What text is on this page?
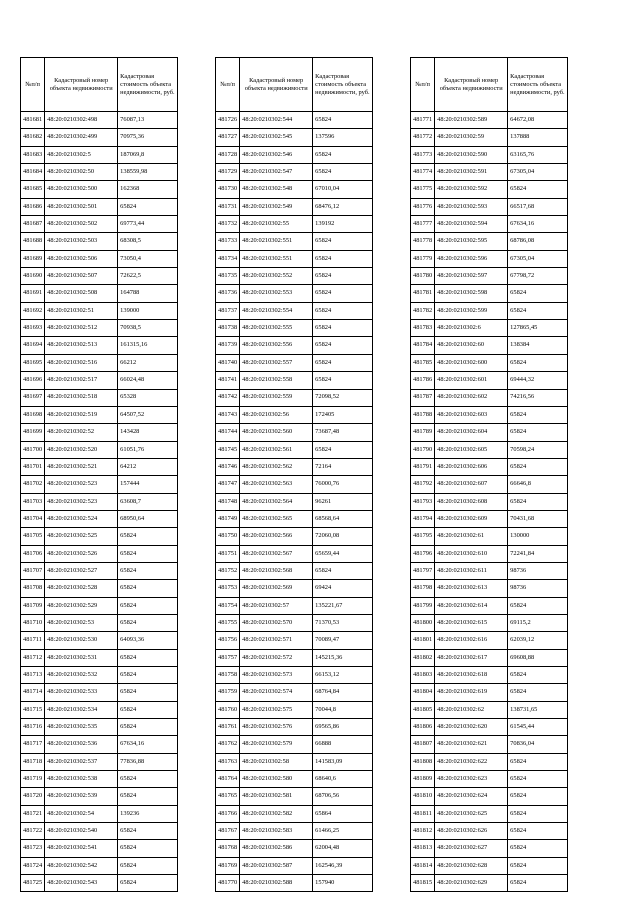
№п/п	Кадастровый номер объекта недвижимости	Кадастровая стоимость объекта недвижимости, руб.
481681	48:20:0210302:498	76087,13
481682	48:20:0210302:499	70975,36
481683	48:20:0210302:5	187069,8
481684	48:20:0210302:50	138559,98
481685	48:20:0210302:500	162368
481686	48:20:0210302:501	65824
481687	48:20:0210302:502	69773,44
481688	48:20:0210302:503	68308,5
481689	48:20:0210302:506	73050,4
481690	48:20:0210302:507	72622,5
481691	48:20:0210302:508	164788
481692	48:20:0210302:51	139000
481693	48:20:0210302:512	70938,5
481694	48:20:0210302:513	161315,16
481695	48:20:0210302:516	66212
481696	48:20:0210302:517	66024,48
481697	48:20:0210302:518	65328
481698	48:20:0210302:519	64507,52
481699	48:20:0210302:52	143428
481700	48:20:0210302:520	61051,76
481701	48:20:0210302:521	64212
481702	48:20:0210302:523	157444
481703	48:20:0210302:523	63608,7
481704	48:20:0210302:524	68950,64
481705	48:20:0210302:525	65824
481706	48:20:0210302:526	65824
481707	48:20:0210302:527	65824
481708	48:20:0210302:528	65824
481709	48:20:0210302:529	65824
481710	48:20:0210302:53	65824
481711	48:20:0210302:530	64093,36
481712	48:20:0210302:531	65824
481713	48:20:0210302:532	65824
481714	48:20:0210302:533	65824
481715	48:20:0210302:534	65824
481716	48:20:0210302:535	65824
481717	48:20:0210302:536	67634,16
481718	48:20:0210302:537	77836,88
481719	48:20:0210302:538	65824
481720	48:20:0210302:539	65824
481721	48:20:0210302:54	139236
481722	48:20:0210302:540	65824
481723	48:20:0210302:541	65824
481724	48:20:0210302:542	65824
481725	48:20:0210302:543	65824
№п/п	Кадастровый номер объекта недвижимости	Кадастровая стоимость объекта недвижимости, руб.
481726	48:20:0210302:544	65824
481727	48:20:0210302:545	137596
481728	48:20:0210302:546	65824
481729	48:20:0210302:547	65824
481730	48:20:0210302:548	67010,04
481731	48:20:0210302:549	68476,12
481732	48:20:0210302:55	139192
481733	48:20:0210302:551	65824
481734	48:20:0210302:551	65824
481735	48:20:0210302:552	65824
481736	48:20:0210302:553	65824
481737	48:20:0210302:554	65824
481738	48:20:0210302:555	65824
481739	48:20:0210302:556	65824
481740	48:20:0210302:557	65824
481741	48:20:0210302:558	65824
481742	48:20:0210302:559	72098,52
481743	48:20:0210302:56	172405
481744	48:20:0210302:560	73687,48
481745	48:20:0210302:561	65824
481746	48:20:0210302:562	72164
481747	48:20:0210302:563	76000,76
481748	48:20:0210302:564	96261
481749	48:20:0210302:565	68568,64
481750	48:20:0210302:566	72060,08
481751	48:20:0210302:567	65659,44
481752	48:20:0210302:568	65824
481753	48:20:0210302:569	69424
481754	48:20:0210302:57	135221,67
481755	48:20:0210302:570	71370,53
481756	48:20:0210302:571	70089,47
481757	48:20:0210302:572	145215,36
481758	48:20:0210302:573	66153,12
481759	48:20:0210302:574	68764,84
481760	48:20:0210302:575	70044,8
481761	48:20:0210302:576	69565,86
481762	48:20:0210302:579	66888
481763	48:20:0210302:58	141583,09
481764	48:20:0210302:580	68640,6
481765	48:20:0210302:581	68706,56
481766	48:20:0210302:582	65864
481767	48:20:0210302:583	61466,25
481768	48:20:0210302:586	62004,48
481769	48:20:0210302:587	162546,39
481770	48:20:0210302:588	157940
№п/п	Кадастровый номер объекта недвижимости	Кадастровая стоимость объекта недвижимости, руб.
481771	48:20:0210302:589	64672,08
481772	48:20:0210302:59	137888
481773	48:20:0210302:590	63165,76
481774	48:20:0210302:591	67305,04
481775	48:20:0210302:592	65824
481776	48:20:0210302:593	66517,68
481777	48:20:0210302:594	67634,16
481778	48:20:0210302:595	68786,08
481779	48:20:0210302:596	67305,04
481780	48:20:0210302:597	67798,72
481781	48:20:0210302:598	65824
481782	48:20:0210302:599	65824
481783	48:20:0210302:6	127865,45
481784	48:20:0210302:60	138384
481785	48:20:0210302:600	65824
481786	48:20:0210302:601	69444,32
481787	48:20:0210302:602	74216,56
481788	48:20:0210302:603	65824
481789	48:20:0210302:604	65824
481790	48:20:0210302:605	70598,24
481791	48:20:0210302:606	65824
481792	48:20:0210302:607	66646,8
481793	48:20:0210302:608	65824
481794	48:20:0210302:609	70431,68
481795	48:20:0210302:61	130000
481796	48:20:0210302:610	72241,84
481797	48:20:0210302:611	98736
481798	48:20:0210302:613	98736
481799	48:20:0210302:614	65824
481800	48:20:0210302:615	69115,2
481801	48:20:0210302:616	62039,12
481802	48:20:0210302:617	69608,88
481803	48:20:0210302:618	65824
481804	48:20:0210302:619	65824
481805	48:20:0210302:62	138731,65
481806	48:20:0210302:620	61545,44
481807	48:20:0210302:621	70836,04
481808	48:20:0210302:622	65824
481809	48:20:0210302:623	65824
481810	48:20:0210302:624	65824
481811	48:20:0210302:625	65824
481812	48:20:0210302:626	65824
481813	48:20:0210302:627	65824
481814	48:20:0210302:628	65824
481815	48:20:0210302:629	65824
